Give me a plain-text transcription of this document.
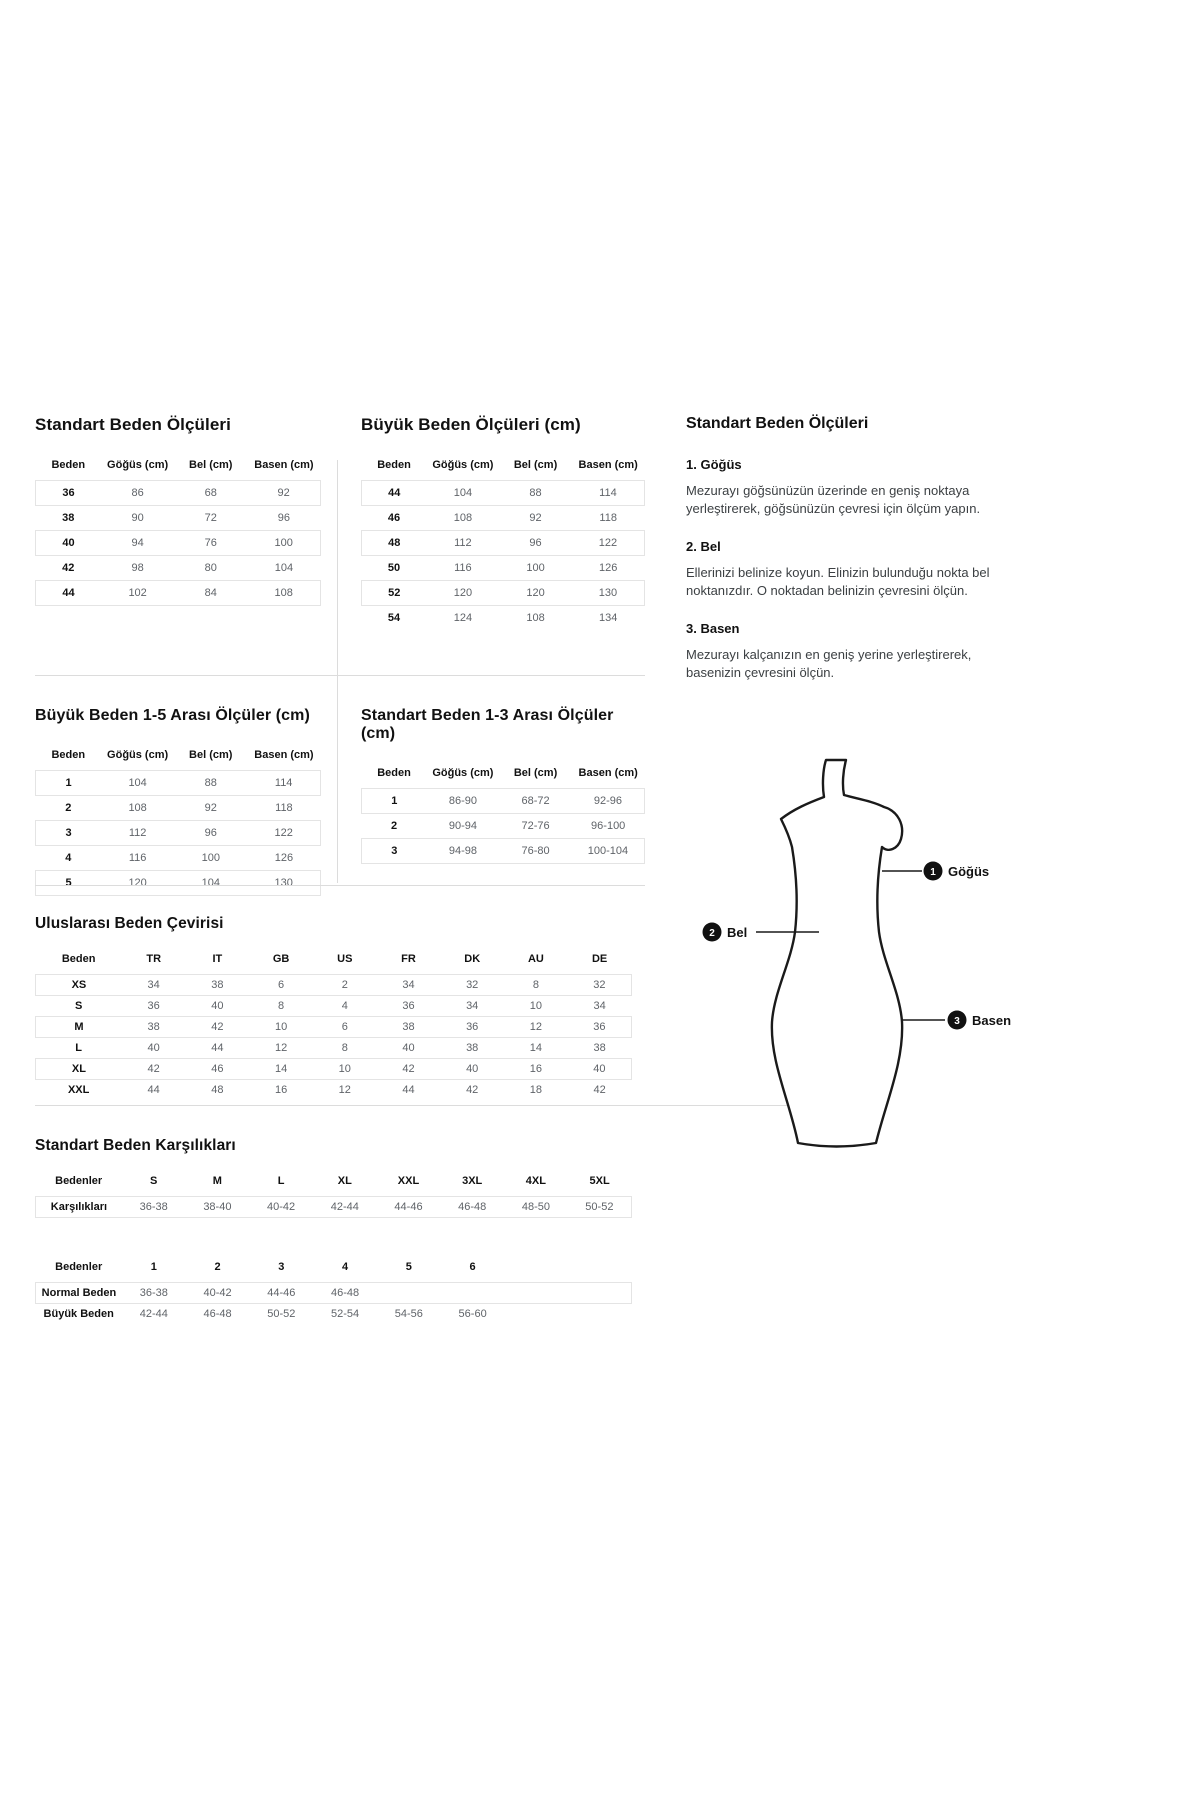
Standart Beden Ölçüleri
Beden	Göğüs (cm)	Bel (cm)	Basen (cm)
36	86	68	92
38	90	72	96
40	94	76	100
42	98	80	104
44	102	84	108
Büyük Beden Ölçüleri (cm)
Beden	Göğüs (cm)	Bel (cm)	Basen (cm)
44	104	88	114
46	108	92	118
48	112	96	122
50	116	100	126
52	120	120	130
54	124	108	134
Büyük Beden 1-5 Arası Ölçüler (cm)
Beden	Göğüs (cm)	Bel (cm)	Basen (cm)
1	104	88	114
2	108	92	118
3	112	96	122
4	116	100	126
5	120	104	130
Standart Beden 1-3 Arası Ölçüler (cm)
Beden	Göğüs (cm)	Bel (cm)	Basen (cm)
1	86-90	68-72	92-96
2	90-94	72-76	96-100
3	94-98	76-80	100-104
Uluslarası Beden Çevirisi
Beden	TR	IT	GB	US	FR	DK	AU	DE
XS	34	38	6	2	34	32	8	32
S	36	40	8	4	36	34	10	34
M	38	42	10	6	38	36	12	36
L	40	44	12	8	40	38	14	38
XL	42	46	14	10	42	40	16	40
XXL	44	48	16	12	44	42	18	42
Standart Beden Karşılıkları
Bedenler	S	M	L	XL	XXL	3XL	4XL	5XL
Karşılıkları	36-38	38-40	40-42	42-44	44-46	46-48	48-50	50-52
Bedenler	1	2	3	4	5	6	
Normal Beden	36-38	40-42	44-46	46-48			
Büyük Beden	42-44	46-48	50-52	52-54	54-56	56-60	
Standart Beden Ölçüleri
1. Göğüs

Mezurayı göğsünüzün üzerinde en geniş noktaya yerleştirerek, göğsünüzün çevresi için ölçüm yapın.

2. Bel

Ellerinizi belinize koyun. Elinizin bulunduğu nokta bel noktanızdır. O noktadan belinizin çevresini ölçün.

3. Basen

Mezurayı kalçanızın en geniş yerine yerleştirerek, basenizin çevresini ölçün.

1 Göğüs
2 Bel
3 Basen
